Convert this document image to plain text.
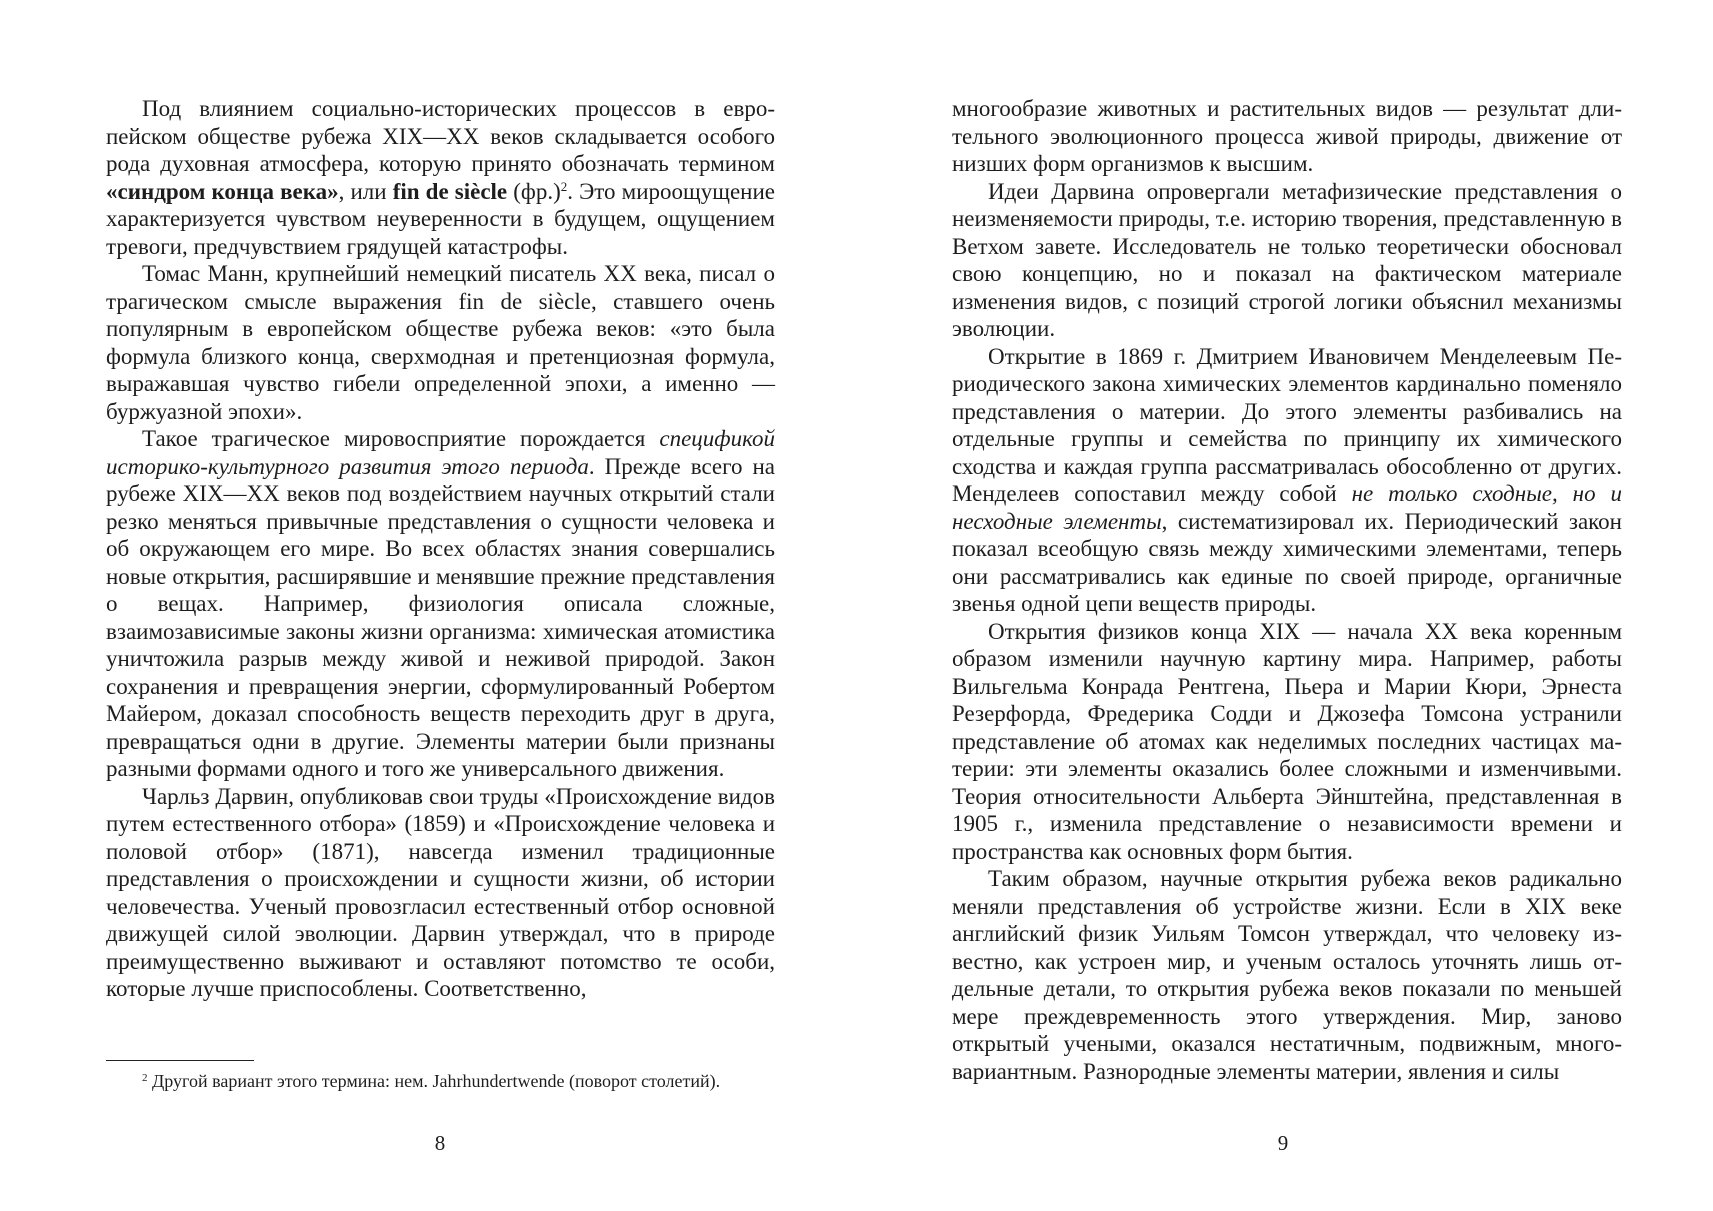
Под влиянием социально-исторических процессов в европейском обществе рубежа XIX—XX веков складывается особого рода духовная атмосфера, которую принято обозначать термином «синдром конца века», или fin de siècle $(фр.)^2$. Это мироощущение характеризуется чувством неуверенности в будущем, ощущением тревоги, предчувствием грядущей катастрофы.

Томас Манн, крупнейший немецкий писатель XX века, писал о трагическом смысле выражения fin de siècle, ставшего очень популярным в европейском обществе рубежа веков: «это была формула близкого конца, сверхмодная и претенциозная формула, выражавшая чувство гибели определенной эпохи, а именно — буржуазной эпохи».

Такое трагическое мировосприятие порождается спецификой историко-культурного развития этого периода. Прежде всего на рубеже XIX—XX веков под воздействием научных открытий стали резко меняться привычные представления о сущности человека и об окружающем его мире. Во всех областях знания совершались новые открытия, расширявшие и менявшие прежние представления о вещах. Например, физиология описала сложные, взаимозависимые законы жизни организма: химическая атомистика уничтожила разрыв между живой и неживой природой. Закон сохранения и превращения энергии, сформулированный Робертом Майером, доказал способность веществ переходить друг в друга, превращаться одни в другие. Элементы материи были признаны разными формами одного и того же универсального движения.

Чарльз Дарвин, опубликовав свои труды «Происхождение видов путем естественного отбора» (1859) и «Происхождение человека и половой отбор» (1871), навсегда изменил традиционные представления о происхождении и сущности жизни, об истории человечества. Ученый провозгласил естественный отбор основной движущей силой эволюции. Дарвин утверждал, что в природе преимущественно выживают и оставляют потомство те особи, которые лучше приспособлены. Соответственно,

$^2$ Другой вариант этого термина: нем. Jahrhundertwende (поворот столетий).

8

многообразие животных и растительных видов — результат длительного эволюционного процесса живой природы, движение от низших форм организмов к высшим.

Идеи Дарвина опровергали метафизические представления о неизменяемости природы, т.е. историю творения, представленную в Ветхом завете. Исследователь не только теоретически обосновал свою концепцию, но и показал на фактическом материале изменения видов, с позиций строгой логики объяснил механизмы эволюции.

Открытие в 1869 г. Дмитрием Ивановичем Менделеевым Периодического закона химических элементов кардинально поменяло представления о материи. До этого элементы разбивались на отдельные группы и семейства по принципу их химического сходства и каждая группа рассматривалась обособленно от других. Менделеев сопоставил между собой не только сходные, но и несходные элементы, систематизировал их. Периодический закон показал всеобщую связь между химическими элементами, теперь они рассматривались как единые по своей природе, органичные звенья одной цепи веществ природы.

Открытия физиков конца XIX — начала XX века коренным образом изменили научную картину мира. Например, работы Вильгельма Конрада Рентгена, Пьера и Марии Кюри, Эрнеста Резерфорда, Фредерика Содди и Джозефа Томсона устранили представление об атомах как неделимых последних частицах материи: эти элементы оказались более сложными и изменчивыми. Теория относительности Альберта Эйнштейна, представленная в 1905 г., изменила представление о независимости времени и пространства как основных форм бытия.

Таким образом, научные открытия рубежа веков радикально меняли представления об устройстве жизни. Если в XIX веке английский физик Уильям Томсон утверждал, что человеку известно, как устроен мир, и ученым осталось уточнять лишь отдельные детали, то открытия рубежа веков показали по меньшей мере преждевременность этого утверждения. Мир, заново открытый учеными, оказался нестатичным, подвижным, многовариантным. Разнородные элементы материи, явления и силы

9
